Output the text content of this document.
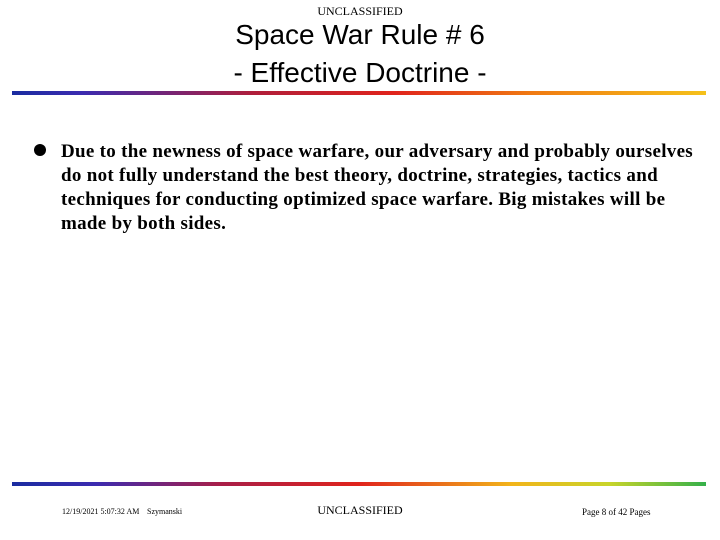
UNCLASSIFIED
Space War Rule # 6
- Effective Doctrine -

Due to the newness of space warfare, our adversary and probably ourselves do not fully understand the best theory, doctrine, strategies, tactics and techniques for conducting optimized space warfare. Big mistakes will be made by both sides.

12/19/2021 5:07:32 AM Szymanski	UNCLASSIFIED	Page 8 of 42 Pages
